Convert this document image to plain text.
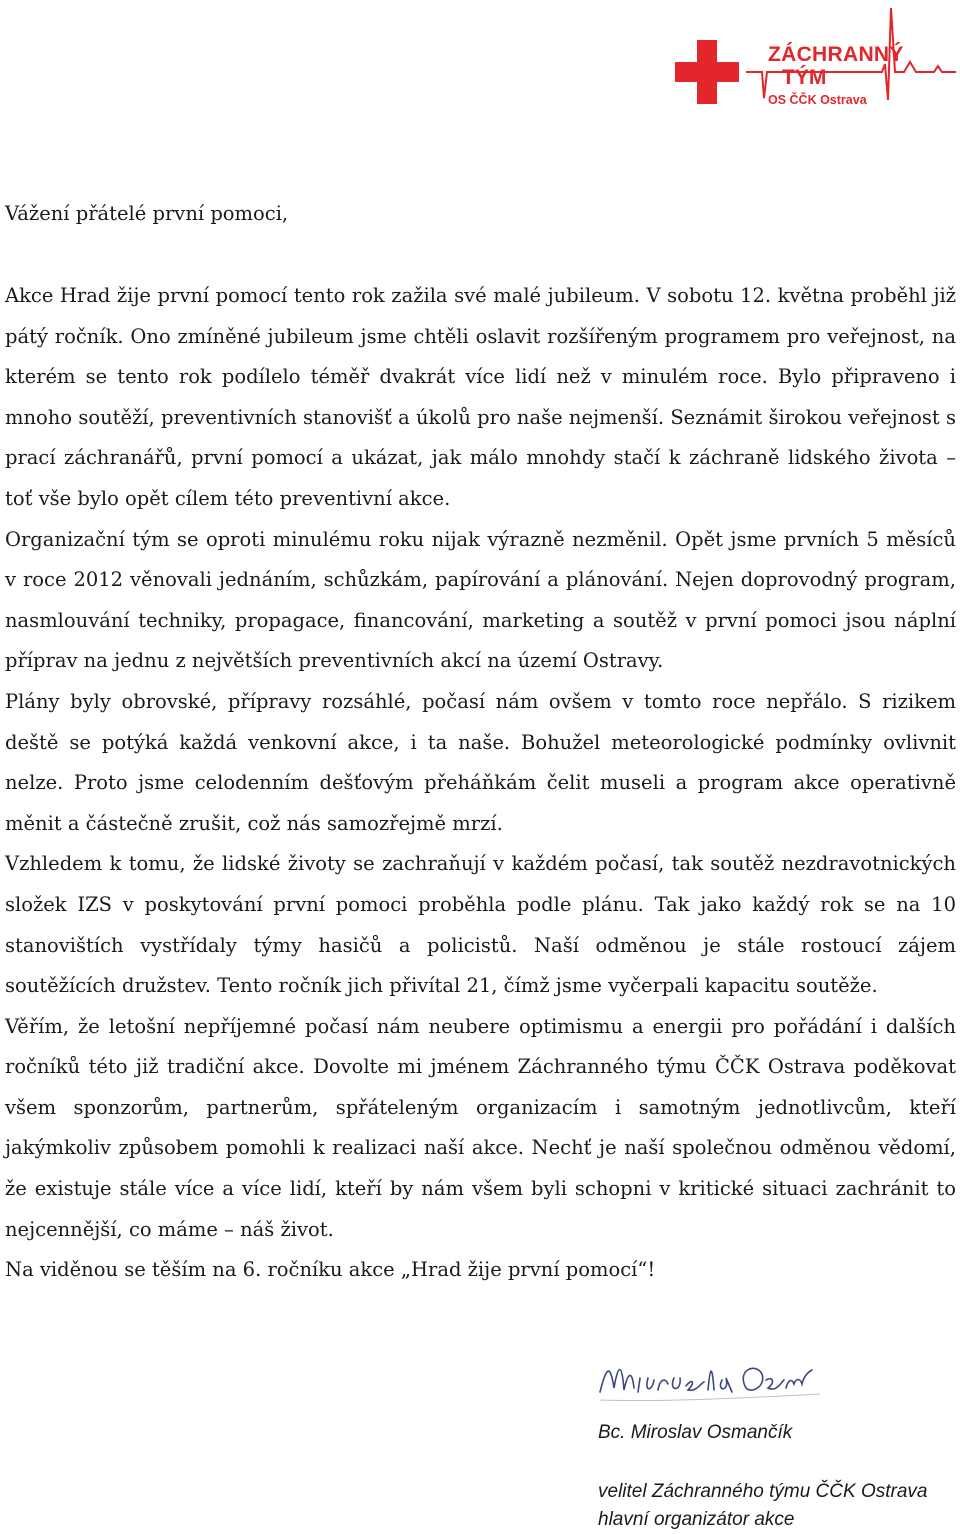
ZÁCHRANNÝ
TÝM
OS ČČK Ostrava
Vážení přátelé první pomoci,

Akce Hrad žije první pomocí tento rok zažila své malé jubileum. V sobotu 12. května proběhl již pátý ročník. Ono zmíněné jubileum jsme chtěli oslavit rozšířeným programem pro veřejnost, na kterém se tento rok podílelo téměř dvakrát více lidí než v minulém roce. Bylo připraveno i mnoho soutěží, preventivních stanovišť a úkolů pro naše nejmenší. Seznámit širokou veřejnost s prací záchranářů, první pomocí a ukázat, jak málo mnohdy stačí k záchraně lidského života – toť vše bylo opět cílem této preventivní akce.

Organizační tým se oproti minulému roku nijak výrazně nezměnil. Opět jsme prvních 5 měsíců v roce 2012 věnovali jednáním, schůzkám, papírování a plánování. Nejen doprovodný program, nasmlouvání techniky, propagace, financování, marketing a soutěž v první pomoci jsou náplní příprav na jednu z největších preventivních akcí na území Ostravy.

Plány byly obrovské, přípravy rozsáhlé, počasí nám ovšem v tomto roce nepřálo. S rizikem deště se potýká každá venkovní akce, i ta naše. Bohužel meteorologické podmínky ovlivnit nelze. Proto jsme celodenním dešťovým přeháňkám čelit museli a program akce operativně měnit a částečně zrušit, což nás samozřejmě mrzí.

Vzhledem k tomu, že lidské životy se zachraňují v každém počasí, tak soutěž nezdravotnických složek IZS v poskytování první pomoci proběhla podle plánu. Tak jako každý rok se na 10 stanovištích vystřídaly týmy hasičů a policistů. Naší odměnou je stále rostoucí zájem soutěžících družstev. Tento ročník jich přivítal 21, čímž jsme vyčerpali kapacitu soutěže.

Věřím, že letošní nepříjemné počasí nám neubere optimismu a energii pro pořádání i dalších ročníků této již tradiční akce. Dovolte mi jménem Záchranného týmu ČČK Ostrava poděkovat všem sponzorům, partnerům, spřáteleným organizacím i samotným jednotlivcům, kteří jakýmkoliv způsobem pomohli k realizaci naší akce. Nechť je naší společnou odměnou vědomí, že existuje stále více a více lidí, kteří by nám všem byli schopni v kritické situaci zachránit to nejcennější, co máme – náš život.

Na viděnou se těším na 6. ročníku akce „Hrad žije první pomocí“!

Bc. Miroslav Osmančík
velitel Záchranného týmu ČČK Ostrava
hlavní organizátor akce
